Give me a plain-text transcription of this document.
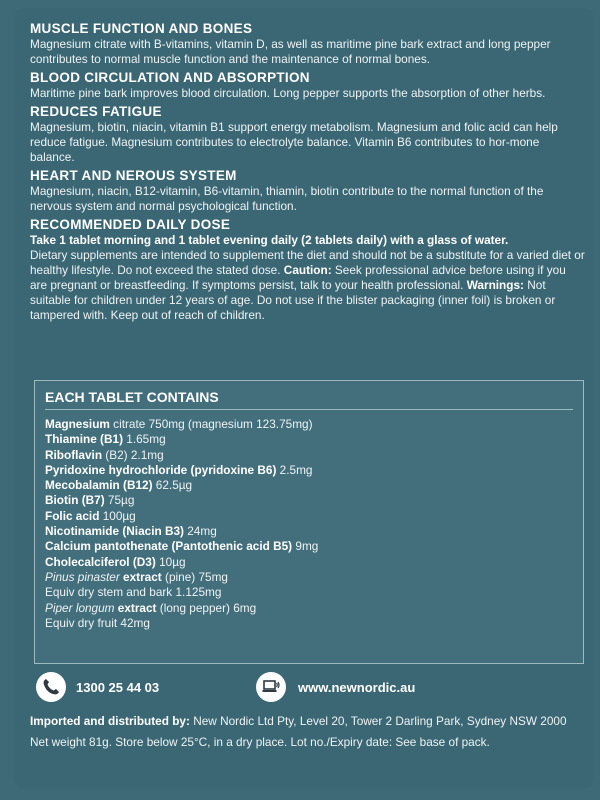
MUSCLE FUNCTION AND BONES

Magnesium citrate with B-vitamins, vitamin D, as well as maritime pine bark extract and long pepper contributes to normal muscle function and the maintenance of normal bones.

BLOOD CIRCULATION AND ABSORPTION

Maritime pine bark improves blood circulation. Long pepper supports the absorption of other herbs.

REDUCES FATIGUE

Magnesium, biotin, niacin, vitamin B1 support energy metabolism. Magnesium and folic acid can help reduce fatigue. Magnesium contributes to electrolyte balance. Vitamin B6 contributes to hor-mone balance.

HEART AND NEROUS SYSTEM

Magnesium, niacin, B12-vitamin, B6-vitamin, thiamin, biotin contribute to the normal function of the nervous system and normal psychological function.

RECOMMENDED DAILY DOSE

Take 1 tablet morning and 1 tablet evening daily (2 tablets daily) with a glass of water.

Dietary supplements are intended to supplement the diet and should not be a substitute for a varied diet or healthy lifestyle. Do not exceed the stated dose. Caution: Seek professional advice before using if you are pregnant or breastfeeding. If symptoms persist, talk to your health professional. Warnings: Not suitable for children under 12 years of age. Do not use if the blister packaging (inner foil) is broken or tampered with. Keep out of reach of children.

EACH TABLET CONTAINS
Magnesium citrate 750mg (magnesium 123.75mg)
Thiamine (B1) 1.65mg
Riboflavin (B2) 2.1mg
Pyridoxine hydrochloride (pyridoxine B6) 2.5mg
Mecobalamin (B12) 62.5µg
Biotin (B7) 75µg
Folic acid 100µg
Nicotinamide (Niacin B3) 24mg
Calcium pantothenate (Pantothenic acid B5) 9mg
Cholecalciferol (D3) 10µg
Pinus pinaster extract (pine) 75mg
Equiv dry stem and bark 1.125mg
Piper longum extract (long pepper) 6mg
Equiv dry fruit 42mg
1300 25 44 03	www.newnordic.au

Imported and distributed by: New Nordic Ltd Pty, Level 20, Tower 2 Darling Park, Sydney NSW 2000

Net weight 81g. Store below 25°C, in a dry place. Lot no./Expiry date: See base of pack.
